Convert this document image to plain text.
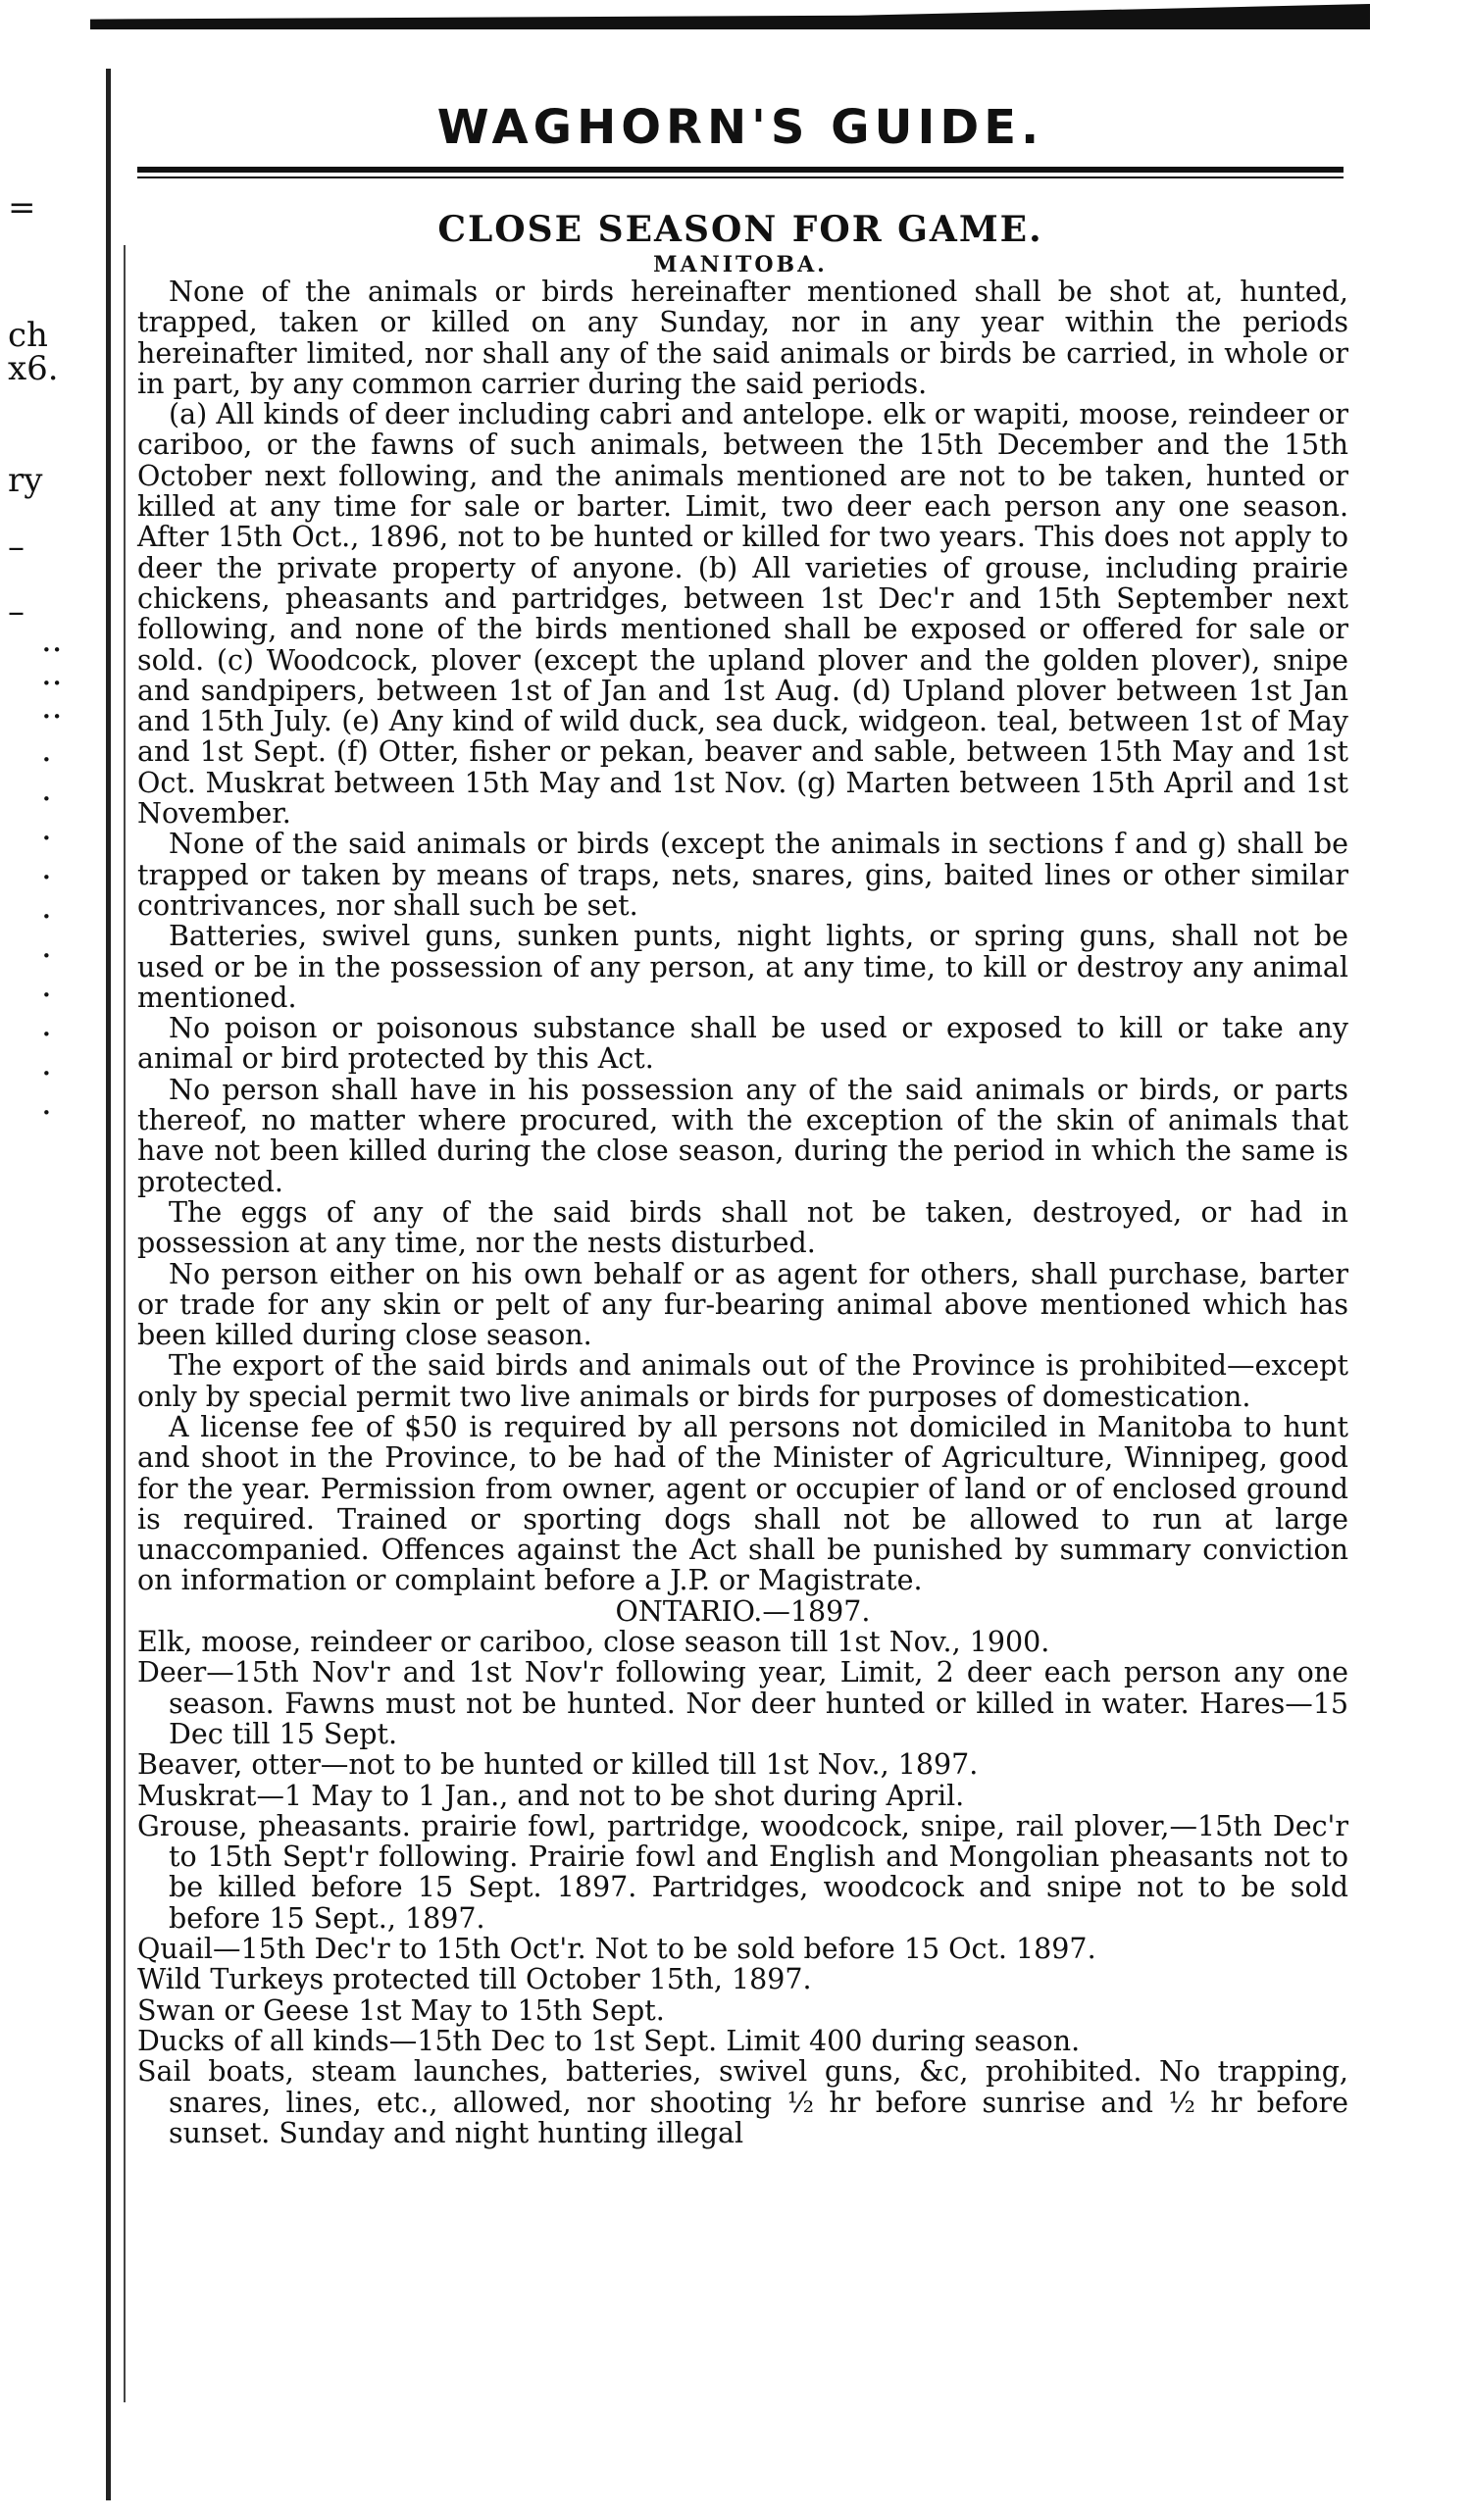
=
ch
x6.
ry
–
–
··
··
··
·
·
·
·
·
·
·
·
·
·
WAGHORN'S GUIDE.
CLOSE SEASON FOR GAME.
MANITOBA.

None of the animals or birds hereinafter mentioned shall be shot at, hunted, trapped, taken or killed on any Sunday, nor in any year within the periods hereinafter limited, nor shall any of the said animals or birds be carried, in whole or in part, by any common carrier during the said periods.

(a) All kinds of deer including cabri and antelope. elk or wapiti, moose, reindeer or cariboo, or the fawns of such animals, between the 15th December and the 15th October next following, and the animals mentioned are not to be taken, hunted or killed at any time for sale or barter. Limit, two deer each person any one season. After 15th Oct., 1896, not to be hunted or killed for two years. This does not apply to deer the private property of anyone. (b) All varieties of grouse, including prairie chickens, pheasants and partridges, between 1st Dec'r and 15th September next following, and none of the birds mentioned shall be exposed or offered for sale or sold. (c) Woodcock, plover (except the upland plover and the golden plover), snipe and sandpipers, between 1st of Jan and 1st Aug. (d) Upland plover between 1st Jan and 15th July. (e) Any kind of wild duck, sea duck, widgeon. teal, between 1st of May and 1st Sept. (f) Otter, fisher or pekan, beaver and sable, between 15th May and 1st Oct. Muskrat between 15th May and 1st Nov. (g) Marten between 15th April and 1st November.

None of the said animals or birds (except the animals in sections f and g) shall be trapped or taken by means of traps, nets, snares, gins, baited lines or other similar contrivances, nor shall such be set.

Batteries, swivel guns, sunken punts, night lights, or spring guns, shall not be used or be in the possession of any person, at any time, to kill or destroy any animal mentioned.

No poison or poisonous substance shall be used or exposed to kill or take any animal or bird protected by this Act.

No person shall have in his possession any of the said animals or birds, or parts thereof, no matter where procured, with the exception of the skin of animals that have not been killed during the close season, during the period in which the same is protected.

The eggs of any of the said birds shall not be taken, destroyed, or had in possession at any time, nor the nests disturbed.

No person either on his own behalf or as agent for others, shall purchase, barter or trade for any skin or pelt of any fur-bearing animal above mentioned which has been killed during close season.

The export of the said birds and animals out of the Province is prohibited—except only by special permit two live animals or birds for purposes of domestication.

A license fee of $50 is required by all persons not domiciled in Manitoba to hunt and shoot in the Province, to be had of the Minister of Agriculture, Winnipeg, good for the year. Permission from owner, agent or occupier of land or of enclosed ground is required. Trained or sporting dogs shall not be allowed to run at large unaccompanied. Offences against the Act shall be punished by summary conviction on information or complaint before a J.P. or Magistrate.

ONTARIO.—1897.

Elk, moose, reindeer or cariboo, close season till 1st Nov., 1900.

Deer—15th Nov'r and 1st Nov'r following year, Limit, 2 deer each person any one season. Fawns must not be hunted. Nor deer hunted or killed in water. Hares—15 Dec till 15 Sept.

Beaver, otter—not to be hunted or killed till 1st Nov., 1897.

Muskrat—1 May to 1 Jan., and not to be shot during April.

Grouse, pheasants. prairie fowl, partridge, woodcock, snipe, rail plover,—15th Dec'r to 15th Sept'r following. Prairie fowl and English and Mongolian pheasants not to be killed before 15 Sept. 1897. Partridges, woodcock and snipe not to be sold before 15 Sept., 1897.

Quail—15th Dec'r to 15th Oct'r. Not to be sold before 15 Oct. 1897.

Wild Turkeys protected till October 15th, 1897.

Swan or Geese 1st May to 15th Sept.

Ducks of all kinds—15th Dec to 1st Sept. Limit 400 during season.

Sail boats, steam launches, batteries, swivel guns, &c, prohibited. No trapping, snares, lines, etc., allowed, nor shooting ½ hr before sunrise and ½ hr before sunset. Sunday and night hunting illegal
